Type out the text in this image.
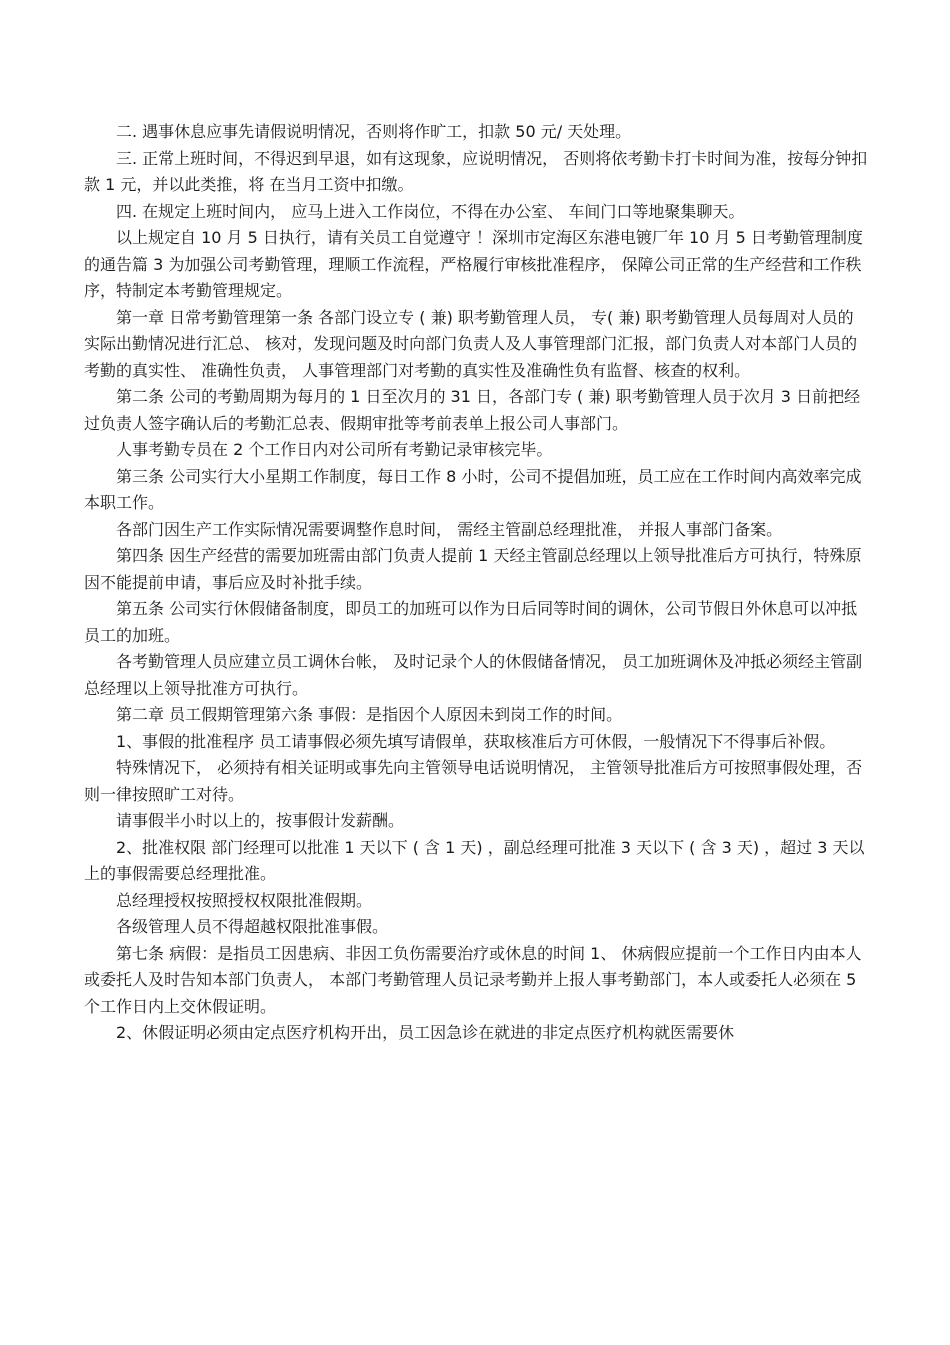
二. 遇事休息应事先请假说明情况，否则将作旷工，扣款 50 元/ 天处理。

三. 正常上班时间，不得迟到早退，如有这现象，应说明情况， 否则将依考勤卡打卡时间为准，按每分钟扣款 1 元，并以此类推，将 在当月工资中扣缴。

四. 在规定上班时间内， 应马上进入工作岗位，不得在办公室、 车间门口等地聚集聊天。

以上规定自 10 月 5 日执行，请有关员工自觉遵守 ！深圳市定海区东港电镀厂年 10 月 5 日考勤管理制度的通告篇 3 为加强公司考勤管理，理顺工作流程，严格履行审核批准程序， 保障公司正常的生产经营和工作秩序，特制定本考勤管理规定。

第一章 日常考勤管理第一条 各部门设立专 ( 兼) 职考勤管理人员， 专( 兼) 职考勤管理人员每周对人员的实际出勤情况进行汇总、 核对，发现问题及时向部门负责人及人事管理部门汇报，部门负责人对本部门人员的考勤的真实性、 准确性负责， 人事管理部门对考勤的真实性及准确性负有监督、核查的权利。

第二条 公司的考勤周期为每月的 1 日至次月的 31 日，各部门专 ( 兼) 职考勤管理人员于次月 3 日前把经过负责人签字确认后的考勤汇总表、假期审批等考前表单上报公司人事部门。

人事考勤专员在 2 个工作日内对公司所有考勤记录审核完毕。

第三条 公司实行大小星期工作制度，每日工作 8 小时，公司不提倡加班，员工应在工作时间内高效率完成本职工作。

各部门因生产工作实际情况需要调整作息时间， 需经主管副总经理批准， 并报人事部门备案。

第四条 因生产经营的需要加班需由部门负责人提前 1 天经主管副总经理以上领导批准后方可执行，特殊原因不能提前申请，事后应及时补批手续。

第五条 公司实行休假储备制度，即员工的加班可以作为日后同等时间的调休，公司节假日外休息可以冲抵员工的加班。

各考勤管理人员应建立员工调休台帐， 及时记录个人的休假储备情况， 员工加班调休及冲抵必须经主管副总经理以上领导批准方可执行。

第二章 员工假期管理第六条 事假：是指因个人原因未到岗工作的时间。

1、事假的批准程序 员工请事假必须先填写请假单，获取核准后方可休假，一般情况下不得事后补假。

特殊情况下， 必须持有相关证明或事先向主管领导电话说明情况， 主管领导批准后方可按照事假处理，否则一律按照旷工对待。

请事假半小时以上的，按事假计发薪酬。

2、批准权限 部门经理可以批准 1 天以下 ( 含 1 天) ，副总经理可批准 3 天以下 ( 含 3 天) ，超过 3 天以上的事假需要总经理批准。

总经理授权按照授权权限批准假期。

各级管理人员不得超越权限批准事假。

第七条 病假：是指员工因患病、非因工负伤需要治疗或休息的时间 1、 休病假应提前一个工作日内由本人或委托人及时告知本部门负责人， 本部门考勤管理人员记录考勤并上报人事考勤部门，本人或委托人必须在 5 个工作日内上交休假证明。

2、休假证明必须由定点医疗机构开出，员工因急诊在就进的非定点医疗机构就医需要休
